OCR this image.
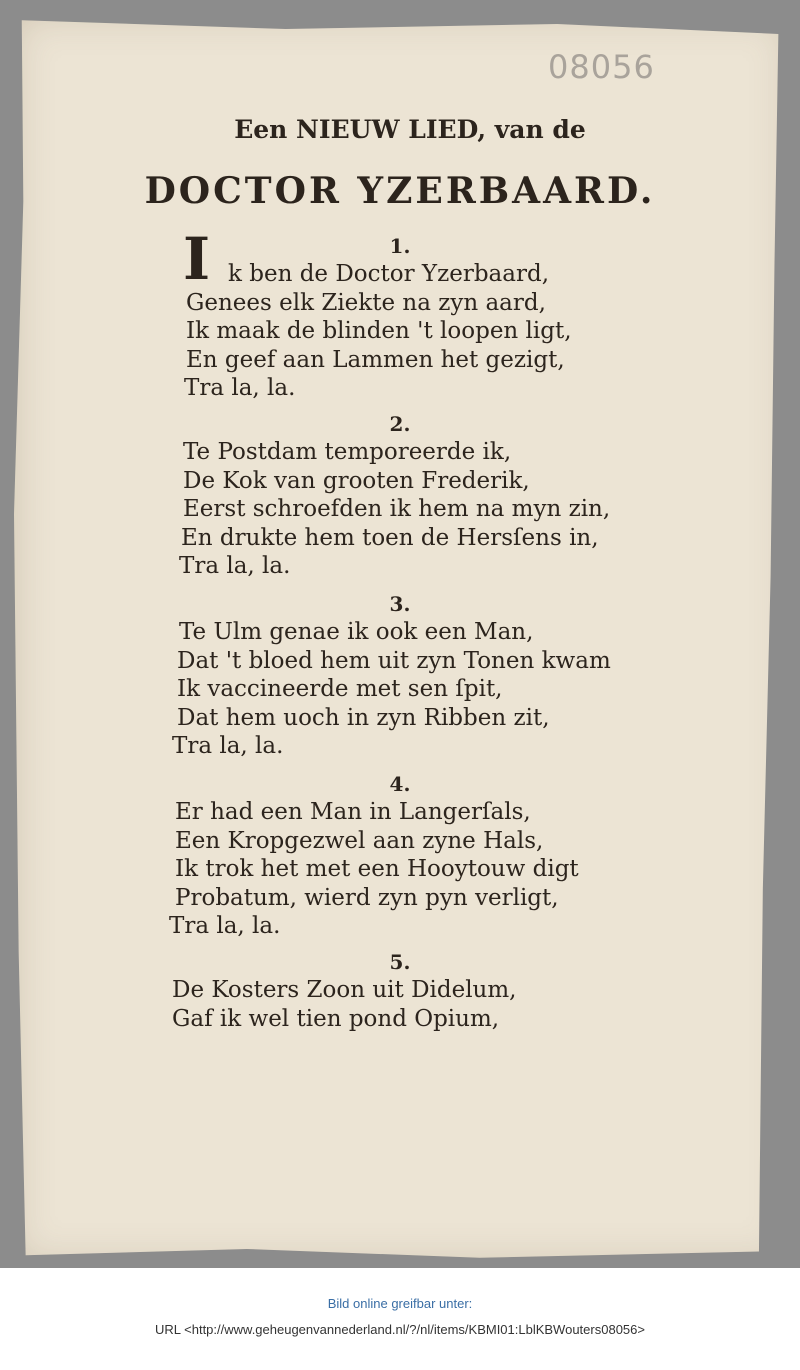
08056
Een NIEUW LIED, van de
DOCTOR YZERBAARD.
I	1.
k ben de Doctor Yzerbaard,
Genees elk Ziekte na zyn aard,
Ik maak de blinden 't loopen ligt,
En geef aan Lammen het gezigt,
Tra la, la.
2.
Te Postdam temporeerde ik,
De Kok van grooten Frederik,
Eerst schroefden ik hem na myn zin,
En drukte hem toen de Hersſens in,
Tra la, la.
3.
Te Ulm genae ik ook een Man,
Dat 't bloed hem uit zyn Tonen kwam
Ik vaccineerde met sen ſpit,
Dat hem uoch in zyn Ribben zit,
Tra la, la.
4.
Er had een Man in Langerſals,
Een Kropgezwel aan zyne Hals,
Ik trok het met een Hooytouw digt
Probatum, wierd zyn pyn verligt,
Tra la, la.
5.
De Kosters Zoon uit Didelum,
Gaf ik wel tien pond Opium,
Bild online greifbar unter:
URL <http://www.geheugenvannederland.nl/?/nl/items/KBMI01:LblKBWouters08056>
